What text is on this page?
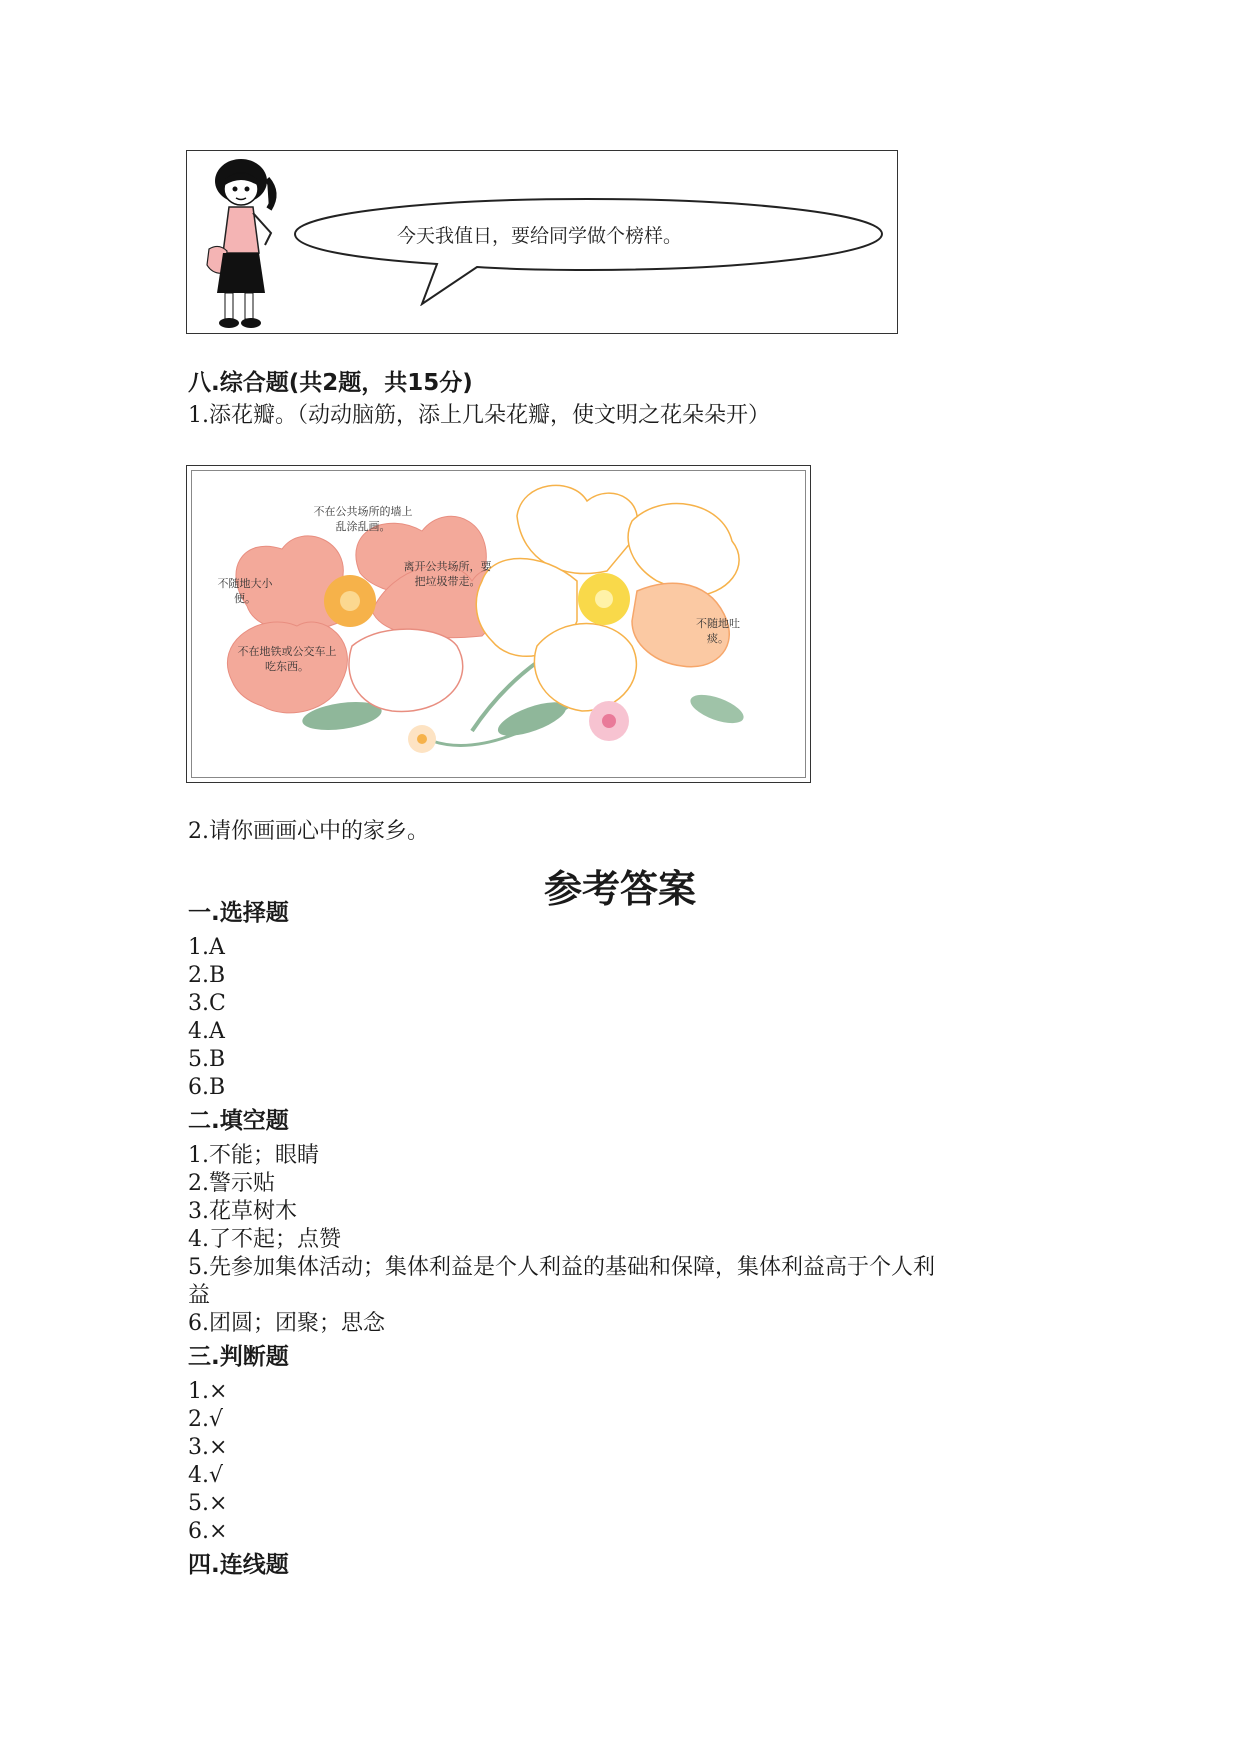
今天我值日，要给同学做个榜样。
八.综合题(共2题，共15分)
1.添花瓣。（动动脑筋，添上几朵花瓣，使文明之花朵朵开）
不在公共场所的墙上乱涂乱画。
不随地大小便。
离开公共场所，要把垃圾带走。
不在地铁或公交车上吃东西。
不随地吐痰。
2.请你画画心中的家乡。
参考答案
一.选择题
1.A
2.B
3.C
4.A
5.B
6.B
二.填空题
1.不能；眼睛
2.警示贴
3.花草树木
4.了不起；点赞
5.先参加集体活动；集体利益是个人利益的基础和保障，集体利益高于个人利
益
6.团圆；团聚；思念
三.判断题
1.×
2.√
3.×
4.√
5.×
6.×
四.连线题
